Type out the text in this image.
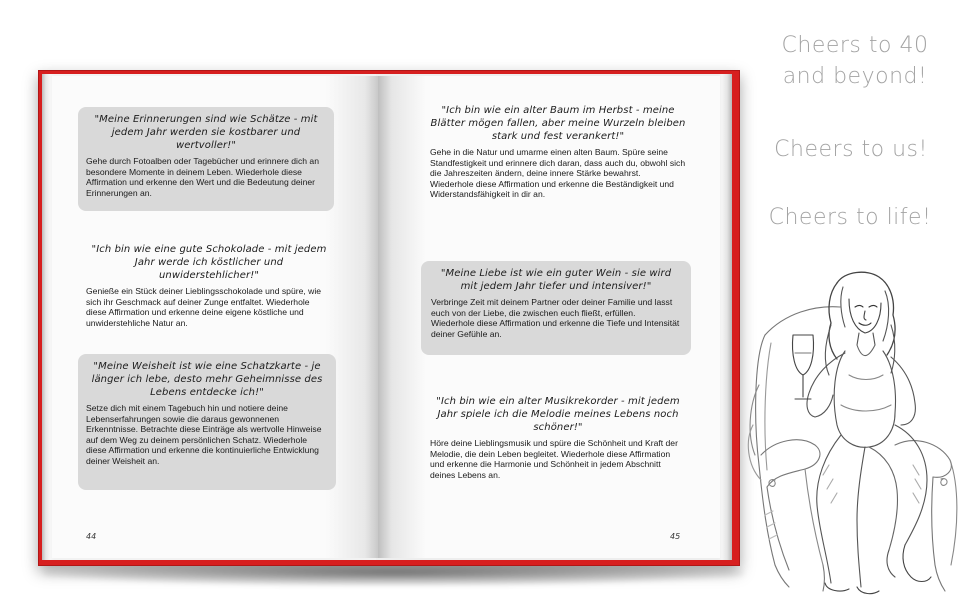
"Meine Erinnerungen sind wie Schätze - mit jedem Jahr werden sie kostbarer und wertvoller!"
Gehe durch Fotoalben oder Tagebücher und erinnere dich an besondere Momente in deinem Leben. Wiederhole diese Affirmation und erkenne den Wert und die Bedeutung deiner Erinnerungen an.
"Ich bin wie eine gute Schokolade - mit jedem Jahr werde ich köstlicher und unwiderstehlicher!"
Genieße ein Stück deiner Lieblingsschokolade und spüre, wie sich ihr Geschmack auf deiner Zunge entfaltet. Wiederhole diese Affirmation und erkenne deine eigene köstliche und unwiderstehliche Natur an.
"Meine Weisheit ist wie eine Schatzkarte - je länger ich lebe, desto mehr Geheimnisse des Lebens entdecke ich!"
Setze dich mit einem Tagebuch hin und notiere deine Lebenserfahrungen sowie die daraus gewonnenen Erkenntnisse. Betrachte diese Einträge als wertvolle Hinweise auf dem Weg zu deinem persönlichen Schatz. Wiederhole diese Affirmation und erkenne die kontinuierliche Entwicklung deiner Weisheit an.
44
"Ich bin wie ein alter Baum im Herbst - meine Blätter mögen fallen, aber meine Wurzeln bleiben stark und fest verankert!"
Gehe in die Natur und umarme einen alten Baum. Spüre seine Standfestigkeit und erinnere dich daran, dass auch du, obwohl sich die Jahreszeiten ändern, deine innere Stärke bewahrst. Wiederhole diese Affirmation und erkenne die Beständigkeit und Widerstandsfähigkeit in dir an.
"Meine Liebe ist wie ein guter Wein - sie wird mit jedem Jahr tiefer und intensiver!"
Verbringe Zeit mit deinem Partner oder deiner Familie und lasst euch von der Liebe, die zwischen euch fließt, erfüllen. Wiederhole diese Affirmation und erkenne die Tiefe und Intensität deiner Gefühle an.
"Ich bin wie ein alter Musikrekorder - mit jedem Jahr spiele ich die Melodie meines Lebens noch schöner!"
Höre deine Lieblingsmusik und spüre die Schönheit und Kraft der Melodie, die dein Leben begleitet. Wiederhole diese Affirmation und erkenne die Harmonie und Schönheit in jedem Abschnitt deines Lebens an.
45
Cheers to 40 and beyond!
Cheers to us!
Cheers to life!
